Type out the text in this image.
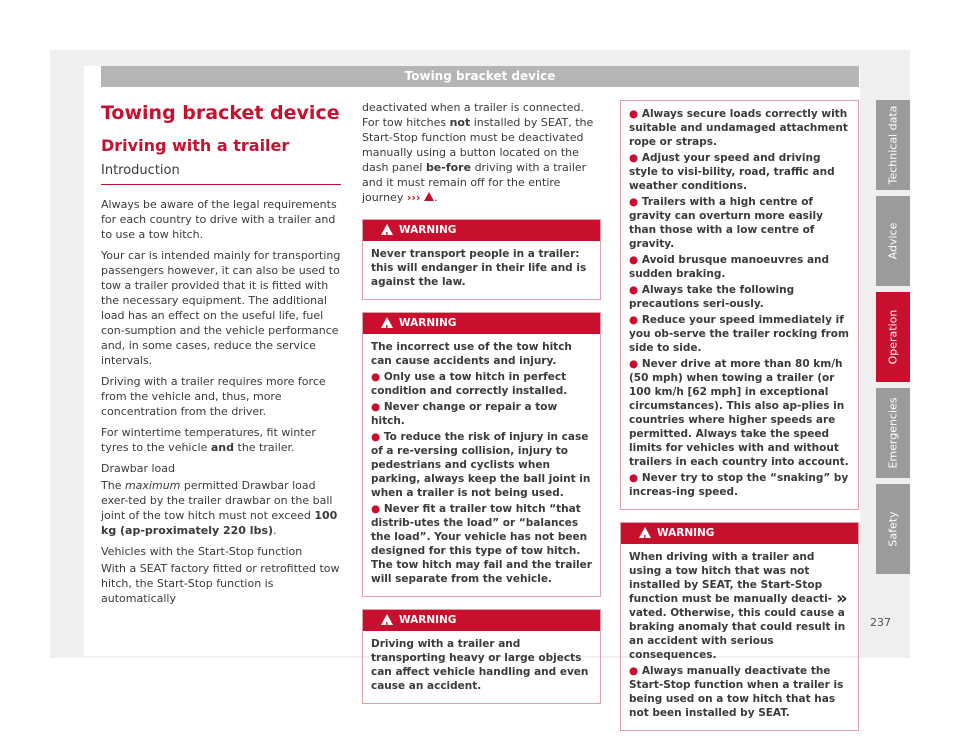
Towing bracket device
Towing bracket device
Driving with a trailer
Introduction

Always be aware of the legal requirements for each country to drive with a trailer and to use a tow hitch.

Your car is intended mainly for transporting passengers however, it can also be used to tow a trailer provided that it is fitted with the necessary equipment. The additional load has an effect on the useful life, fuel con-sumption and the vehicle performance and, in some cases, reduce the service intervals.

Driving with a trailer requires more force from the vehicle and, thus, more concentration from the driver.

For wintertime temperatures, fit winter tyres to the vehicle and the trailer.

Drawbar load

The maximum permitted Drawbar load exer-ted by the trailer drawbar on the ball joint of the tow hitch must not exceed 100 kg (ap-proximately 220 lbs).

Vehicles with the Start-Stop function

With a SEAT factory fitted or retrofitted tow hitch, the Start-Stop function is automatically

deactivated when a trailer is connected. For tow hitches not installed by SEAT, the Start-Stop function must be deactivated manually using a button located on the dash panel be-fore driving with a trailer and it must remain off for the entire journey ››› .

!
WARNING

Never transport people in a trailer: this will endanger in their life and is against the law.

!
WARNING

The incorrect use of the tow hitch can cause accidents and injury.

● Only use a tow hitch in perfect condition and correctly installed.

● Never change or repair a tow hitch.

● To reduce the risk of injury in case of a re-versing collision, injury to pedestrians and cyclists when parking, always keep the ball joint in when a trailer is not being used.

● Never fit a trailer tow hitch “that distrib-utes the load” or “balances the load”. Your vehicle has not been designed for this type of tow hitch. The tow hitch may fail and the trailer will separate from the vehicle.

!
WARNING

Driving with a trailer and transporting heavy or large objects can affect vehicle handling and even cause an accident.

● Always secure loads correctly with suitable and undamaged attachment rope or straps.

● Adjust your speed and driving style to visi-bility, road, traffic and weather conditions.

● Trailers with a high centre of gravity can overturn more easily than those with a low centre of gravity.

● Avoid brusque manoeuvres and sudden braking.

● Always take the following precautions seri-ously.

● Reduce your speed immediately if you ob-serve the trailer rocking from side to side.

● Never drive at more than 80 km/h (50 mph) when towing a trailer (or 100 km/h [62 mph] in exceptional circumstances). This also ap-plies in countries where higher speeds are permitted. Always take the speed limits for vehicles with and without trailers in each country into account.

● Never try to stop the “snaking” by increas-ing speed.

!
WARNING

When driving with a trailer and using a tow hitch that was not installed by SEAT, the Start-Stop function must be manually deacti-vated. Otherwise, this could cause a braking anomaly that could result in an accident with serious consequences.

● Always manually deactivate the Start-Stop function when a trailer is being used on a tow hitch that has not been installed by SEAT.

Technical data
Advice
Operation
Emergencies
Safety
»
237
